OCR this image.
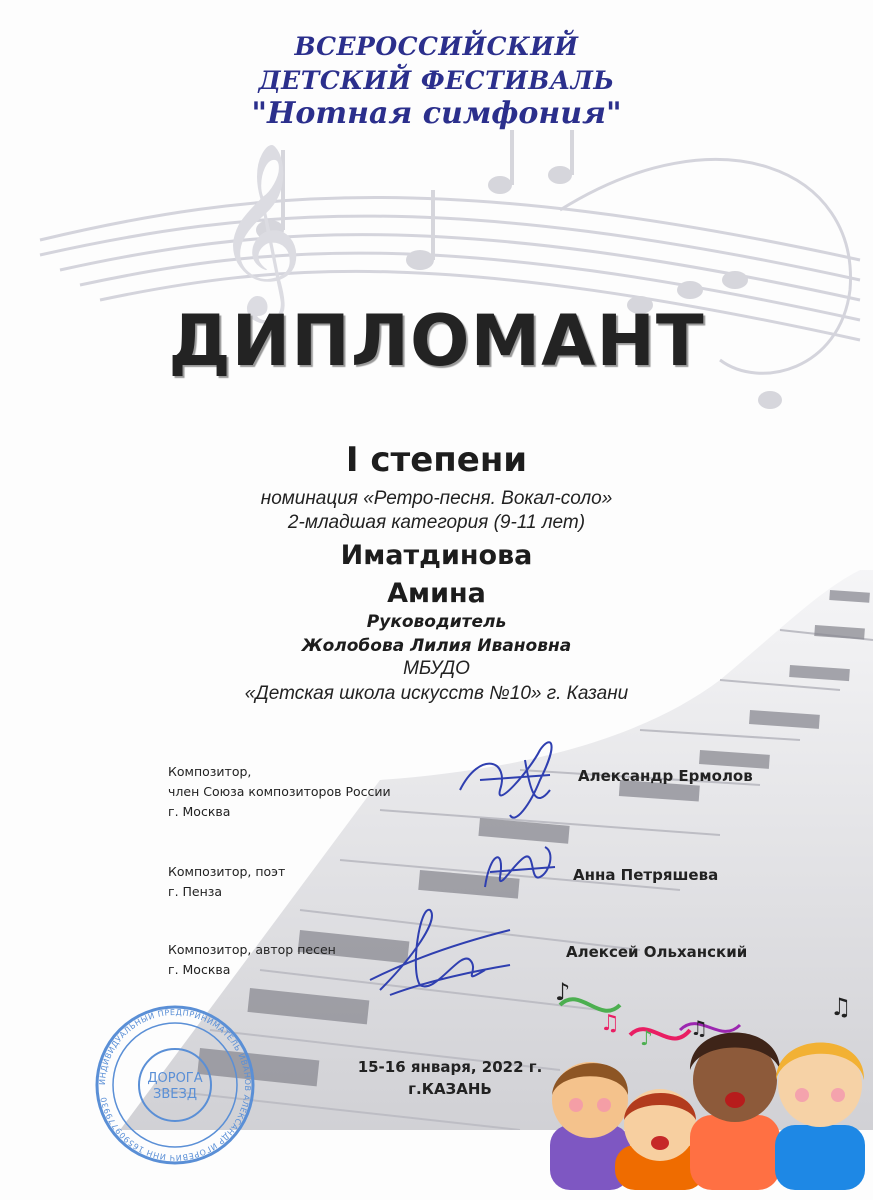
𝄞
ВСЕРОССИЙСКИЙ
ДЕТСКИЙ ФЕСТИВАЛЬ
"Нотная симфония"
ДИПЛОМАНТ
I степени
номинация «Ретро-песня. Вокал-соло»
2-младшая категория (9-11 лет)
Иматдинова
Амина
Руководитель
Жолобова Лилия Ивановна
МБУДО
«Детская школа искусств №10» г. Казани
Композитор,
член Союза композиторов России
г. Москва
Александр Ермолов
Композитор, поэт
г. Пенза
Анна Петряшева
Композитор, автор песен
г. Москва
Алексей Ольханский
ДОРОГА
ЗВЕЗД
ИНДИВИДУАЛЬНЫЙ ПРЕДПРИНИМАТЕЛЬ ИВАНОВ АЛЕКСАНДР ИГОРЕВИЧ ИНН 165909779930
15-16 января, 2022 г.
г.КАЗАНЬ
♪
♫
♪ ♫
♫
